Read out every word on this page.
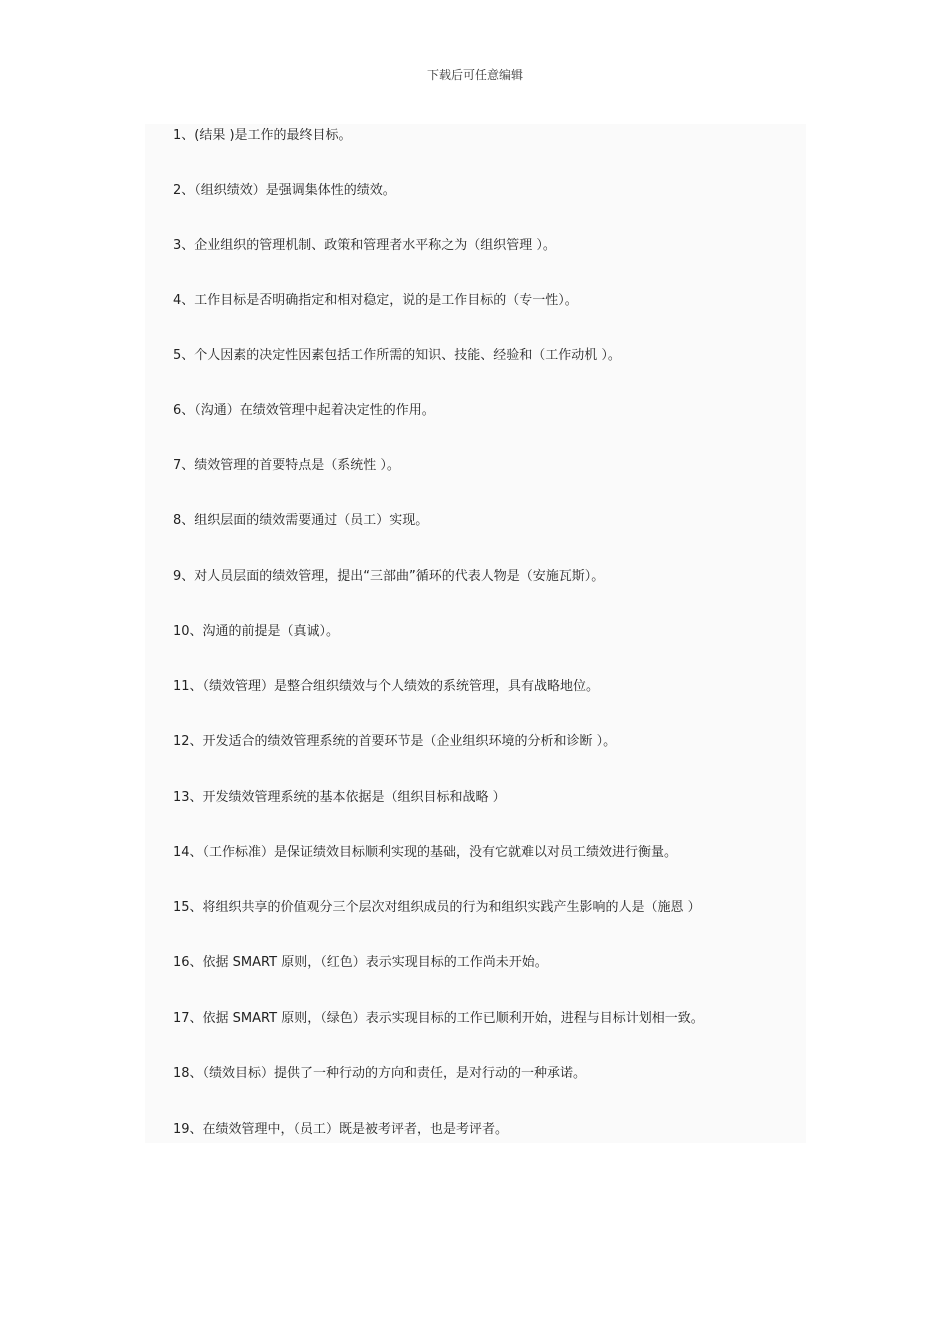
下载后可任意编辑
1、(结果 )是工作的最终目标。
2、（组织绩效）是强调集体性的绩效。
3、企业组织的管理机制、政策和管理者水平称之为（组织管理 ）。
4、工作目标是否明确指定和相对稳定，说的是工作目标的（专一性）。
5、个人因素的决定性因素包括工作所需的知识、技能、经验和（工作动机 ）。
6、（沟通）在绩效管理中起着决定性的作用。
7、绩效管理的首要特点是（系统性 ）。
8、组织层面的绩效需要通过（员工）实现。
9、对人员层面的绩效管理，提出“三部曲”循环的代表人物是（安施瓦斯）。
10、沟通的前提是（真诚）。
11、（绩效管理）是整合组织绩效与个人绩效的系统管理，具有战略地位。
12、开发适合的绩效管理系统的首要环节是（企业组织环境的分析和诊断 ）。
13、开发绩效管理系统的基本依据是（组织目标和战略 ）
14、（工作标准）是保证绩效目标顺利实现的基础，没有它就难以对员工绩效进行衡量。
15、将组织共享的价值观分三个层次对组织成员的行为和组织实践产生影响的人是（施恩 ）
16、依据 SMART 原则，（红色）表示实现目标的工作尚未开始。
17、依据 SMART 原则，（绿色）表示实现目标的工作已顺利开始，进程与目标计划相一致。
18、（绩效目标）提供了一种行动的方向和责任，是对行动的一种承诺。
19、在绩效管理中，（员工）既是被考评者，也是考评者。
